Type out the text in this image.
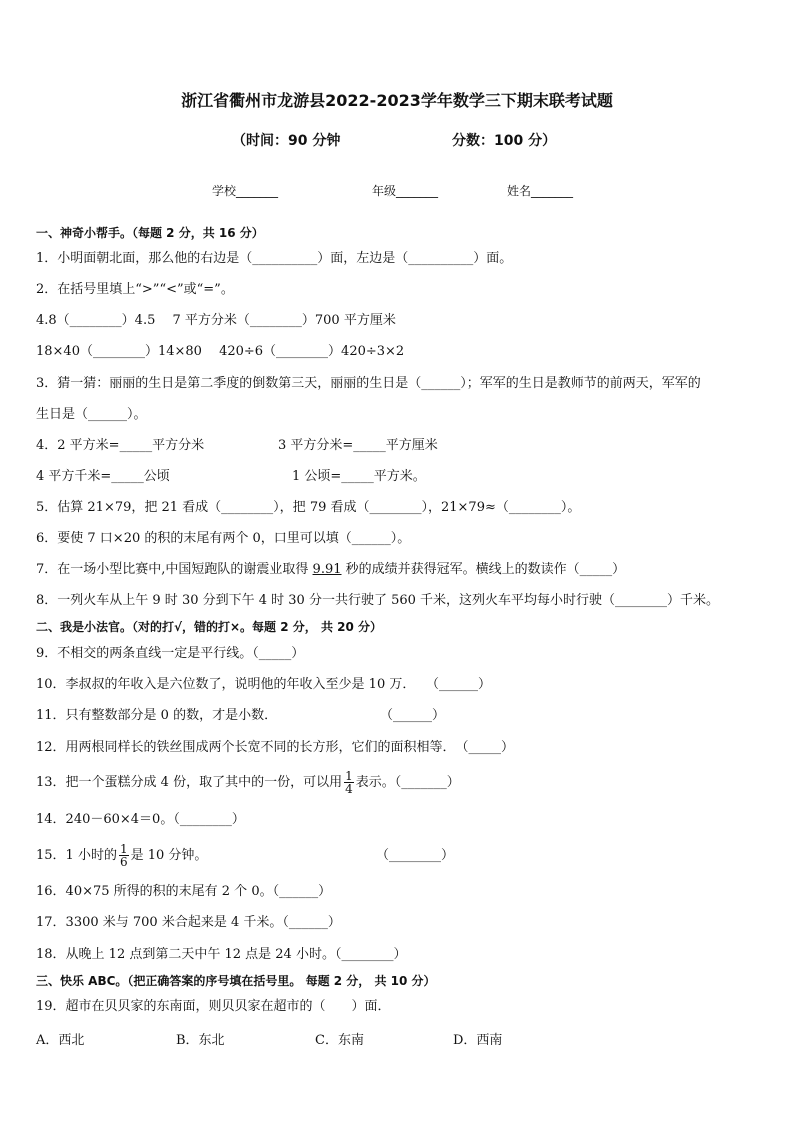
浙江省衢州市龙游县2022-2023学年数学三下期末联考试题
（时间：90 分钟	分数：100 分）
学校_______	年级_______	姓名_______
一、神奇小帮手。（每题 2 分，共 16 分）
1．小明面朝北面，那么他的右边是（__________）面，左边是（__________）面。
2．在括号里填上“>”“<”或“=”。
4.8（________）4.5　 7 平方分米（________）700 平方厘米
18×40（________）14×80　 420÷6（________）420÷3×2
3．猜一猜：丽丽的生日是第二季度的倒数第三天，丽丽的生日是（______）；军军的生日是教师节的前两天，军军的
生日是（______）。
4．2 平方米=_____平方分米	3 平方分米=_____平方厘米
4 平方千米=_____公顷	1 公顷=_____平方米。
5．估算 21×79，把 21 看成（________），把 79 看成（________），21×79≈（________）。
6．要使 7 口×20 的积的末尾有两个 0，口里可以填（______）。
7．在一场小型比赛中,中国短跑队的谢震业取得 9.91 秒的成绩并获得冠军。横线上的数读作（_____）
8．一列火车从上午 9 时 30 分到下午 4 时 30 分一共行驶了 560 千米，这列火车平均每小时行驶（________）千米。
二、我是小法官。（对的打√，错的打×。每题 2 分， 共 20 分）
9．不相交的两条直线一定是平行线。（_____）
10．李叔叔的年收入是六位数了，说明他的年收入至少是 10 万．　 （______）
11．只有整数部分是 0 的数，才是小数．	（______）
12．用两根同样长的铁丝围成两个长宽不同的长方形，它们的面积相等．　（_____）
13．把一个蛋糕分成 4 份，取了其中的一份，可以用 $\frac{1}{4}$ 表示。（_______）
14．240－60×4＝0。（________）
15．1 小时的 $\frac{1}{6}$ 是 10 分钟。	（________）
16．40×75 所得的积的末尾有 2 个 0。（______）
17．3300 米与 700 米合起来是 4 千米。（______）
18．从晚上 12 点到第二天中午 12 点是 24 小时。（________）
三、快乐 ABC。（把正确答案的序号填在括号里。 每题 2 分， 共 10 分）
19．超市在贝贝家的东南面，则贝贝家在超市的（　　）面．
A．西北	B．东北	C．东南	D．西南
